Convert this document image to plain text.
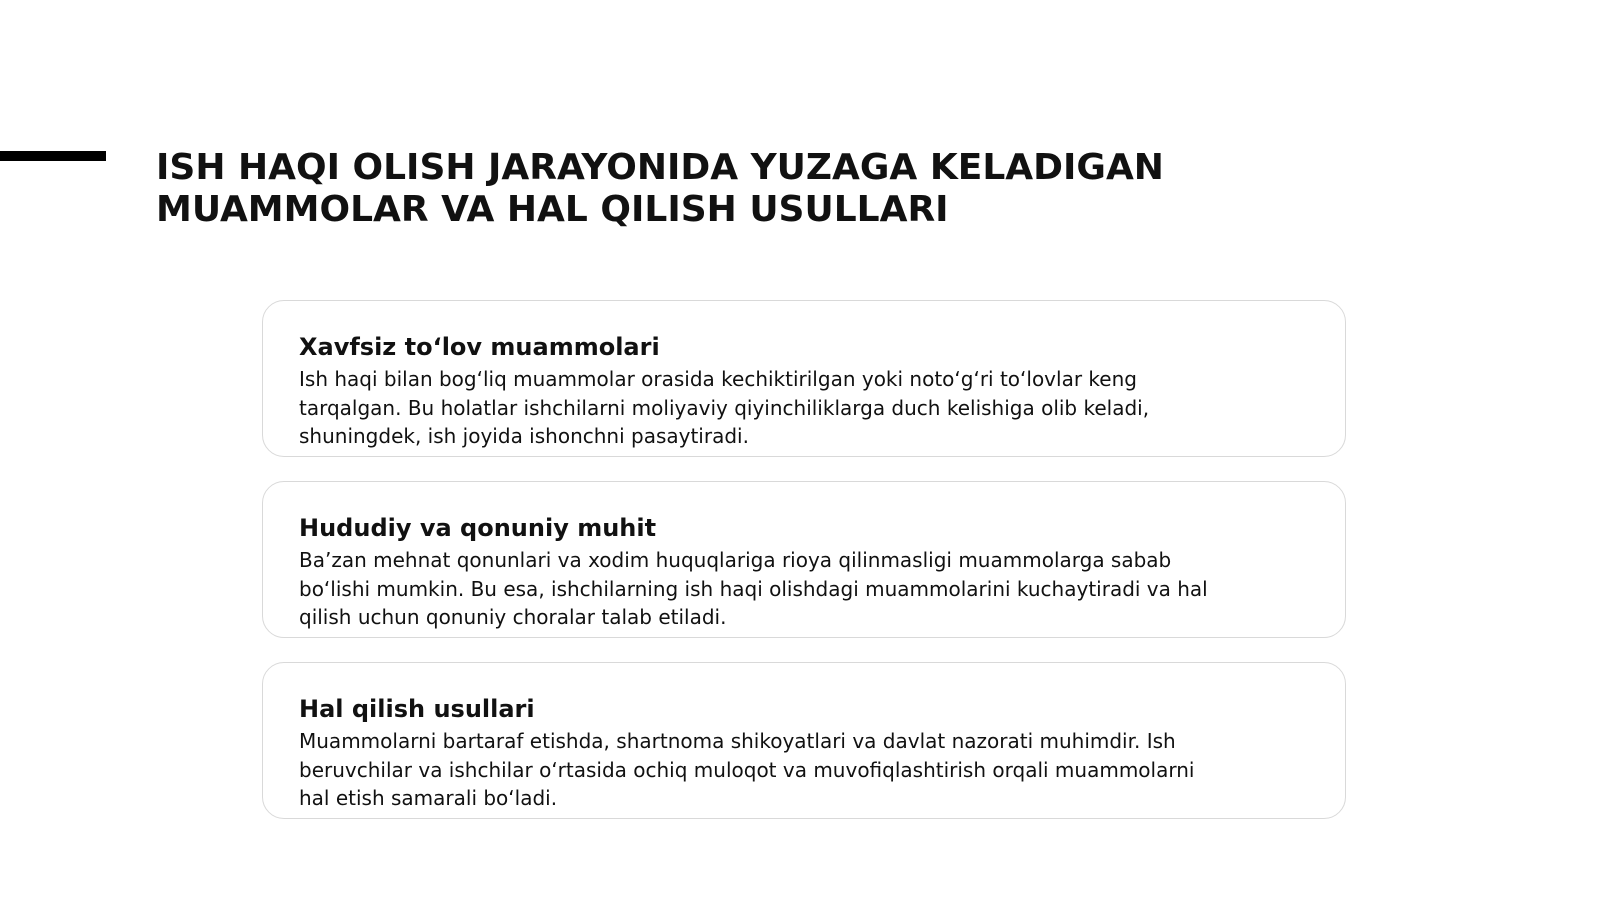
ISH HAQI OLISH JARAYONIDA YUZAGA KELADIGAN
MUAMMOLAR VA HAL QILISH USULLARI
Xavfsiz to‘lov muammolari

Ish haqi bilan bog‘liq muammolar orasida kechiktirilgan yoki noto‘g‘ri to‘lovlar keng
tarqalgan. Bu holatlar ishchilarni moliyaviy qiyinchiliklarga duch kelishiga olib keladi,
shuningdek, ish joyida ishonchni pasaytiradi.

Hududiy va qonuniy muhit

Ba’zan mehnat qonunlari va xodim huquqlariga rioya qilinmasligi muammolarga sabab
bo‘lishi mumkin. Bu esa, ishchilarning ish haqi olishdagi muammolarini kuchaytiradi va hal
qilish uchun qonuniy choralar talab etiladi.

Hal qilish usullari

Muammolarni bartaraf etishda, shartnoma shikoyatlari va davlat nazorati muhimdir. Ish
beruvchilar va ishchilar o‘rtasida ochiq muloqot va muvofiqlashtirish orqali muammolarni
hal etish samarali bo‘ladi.
